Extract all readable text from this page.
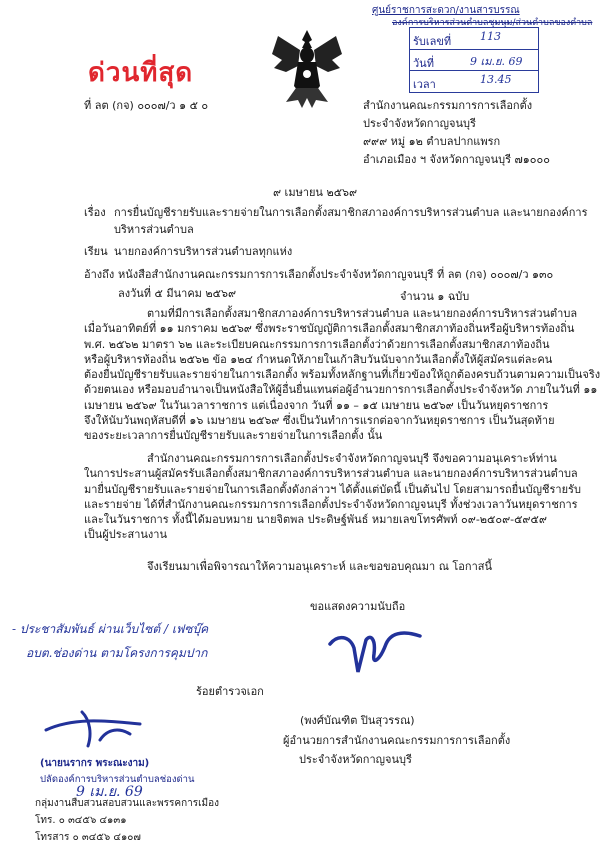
ศูนย์ราชการสะดวก/งานสารบรรณ
องค์การบริหารส่วนตำบลชุมนุม/ส่วนตำบลของตำบล
รับเลขที่	113
วันที่	9 เม.ย. 69
เวลา	13.45
ด่วนที่สุด
ที่ ลต (กจ) ๐๐๐๗/ว ๑ ๕ ๐	สำนักงานคณะกรรมการการเลือกตั้ง
ประจำจังหวัดกาญจนบุรี
๙๙๙ หมู่ ๑๒ ตำบลปากแพรก
อำเภอเมือง ฯ จังหวัดกาญจนบุรี ๗๑๐๐๐
๙ เมษายน ๒๕๖๙
เรื่อง การยื่นบัญชีรายรับและรายจ่ายในการเลือกตั้งสมาชิกสภาองค์การบริหารส่วนตำบล และนายกองค์การ
บริหารส่วนตำบล
เรียน นายกองค์การบริหารส่วนตำบลทุกแห่ง
อ้างถึง หนังสือสำนักงานคณะกรรมการการเลือกตั้งประจำจังหวัดกาญจนบุรี ที่ ลต (กจ) ๐๐๐๗/ว ๑๓๐
ลงวันที่ ๕ มีนาคม ๒๕๖๙	จำนวน ๑ ฉบับ
ตามที่มีการเลือกตั้งสมาชิกสภาองค์การบริหารส่วนตำบล และนายกองค์การบริหารส่วนตำบล
เมื่อวันอาทิตย์ที่ ๑๑ มกราคม ๒๕๖๙ ซึ่งพระราชบัญญัติการเลือกตั้งสมาชิกสภาท้องถิ่นหรือผู้บริหารท้องถิ่น
พ.ศ. ๒๕๖๒ มาตรา ๖๒ และระเบียบคณะกรรมการการเลือกตั้งว่าด้วยการเลือกตั้งสมาชิกสภาท้องถิ่น
หรือผู้บริหารท้องถิ่น ๒๕๖๒ ข้อ ๑๒๔ กำหนดให้ภายในเก้าสิบวันนับจากวันเลือกตั้งให้ผู้สมัครแต่ละคน
ต้องยื่นบัญชีรายรับและรายจ่ายในการเลือกตั้ง พร้อมทั้งหลักฐานที่เกี่ยวข้องให้ถูกต้องครบถ้วนตามความเป็นจริง
ด้วยตนเอง หรือมอบอำนาจเป็นหนังสือให้ผู้อื่นยื่นแทนต่อผู้อำนวยการการเลือกตั้งประจำจังหวัด ภายในวันที่ ๑๑
เมษายน ๒๕๖๙ ในวันเวลาราชการ แต่เนื่องจาก วันที่ ๑๑ – ๑๕ เมษายน ๒๕๖๙ เป็นวันหยุดราชการ
จึงให้นับวันพฤหัสบดีที่ ๑๖ เมษายน ๒๕๖๙ ซึ่งเป็นวันทำการแรกต่อจากวันหยุดราชการ เป็นวันสุดท้าย
ของระยะเวลาการยื่นบัญชีรายรับและรายจ่ายในการเลือกตั้ง นั้น
สำนักงานคณะกรรมการการเลือกตั้งประจำจังหวัดกาญจนบุรี จึงขอความอนุเคราะห์ท่าน
ในการประสานผู้สมัครรับเลือกตั้งสมาชิกสภาองค์การบริหารส่วนตำบล และนายกองค์การบริหารส่วนตำบล
มายื่นบัญชีรายรับและรายจ่ายในการเลือกตั้งดังกล่าวฯ ได้ตั้งแต่บัดนี้ เป็นต้นไป โดยสามารถยื่นบัญชีรายรับ
และรายจ่าย ได้ที่สำนักงานคณะกรรมการการเลือกตั้งประจำจังหวัดกาญจนบุรี ทั้งช่วงเวลาวันหยุดราชการ
และในวันราชการ ทั้งนี้ได้มอบหมาย นายจิตพล ประดิษฐ์พันธ์ หมายเลขโทรศัพท์ ๐๙-๒๕๐๙-๕๙๕๙
เป็นผู้ประสานงาน
จึงเรียนมาเพื่อพิจารณาให้ความอนุเคราะห์ และขอขอบคุณมา ณ โอกาสนี้
ขอแสดงความนับถือ
- ประชาสัมพันธ์ ผ่านเว็บไซต์ / เฟซบุ๊ค
อบต.ช่องด่าน ตามโครงการคุมปาก
ร้อยตำรวจเอก
(พงศ์บัณฑิต ปินสุวรรณ)
ผู้อำนวยการสำนักงานคณะกรรมการการเลือกตั้ง
ประจำจังหวัดกาญจนบุรี
(นายนรากร พระณะงาม)
ปลัดองค์การบริหารส่วนตำบลช่องด่าน
9 เม.ย. 69
กลุ่มงานสืบสวนสอบสวนและพรรคการเมือง
โทร. ๐ ๓๔๕๖ ๔๑๓๑
โทรสาร ๐ ๓๔๕๖ ๔๑๐๗
